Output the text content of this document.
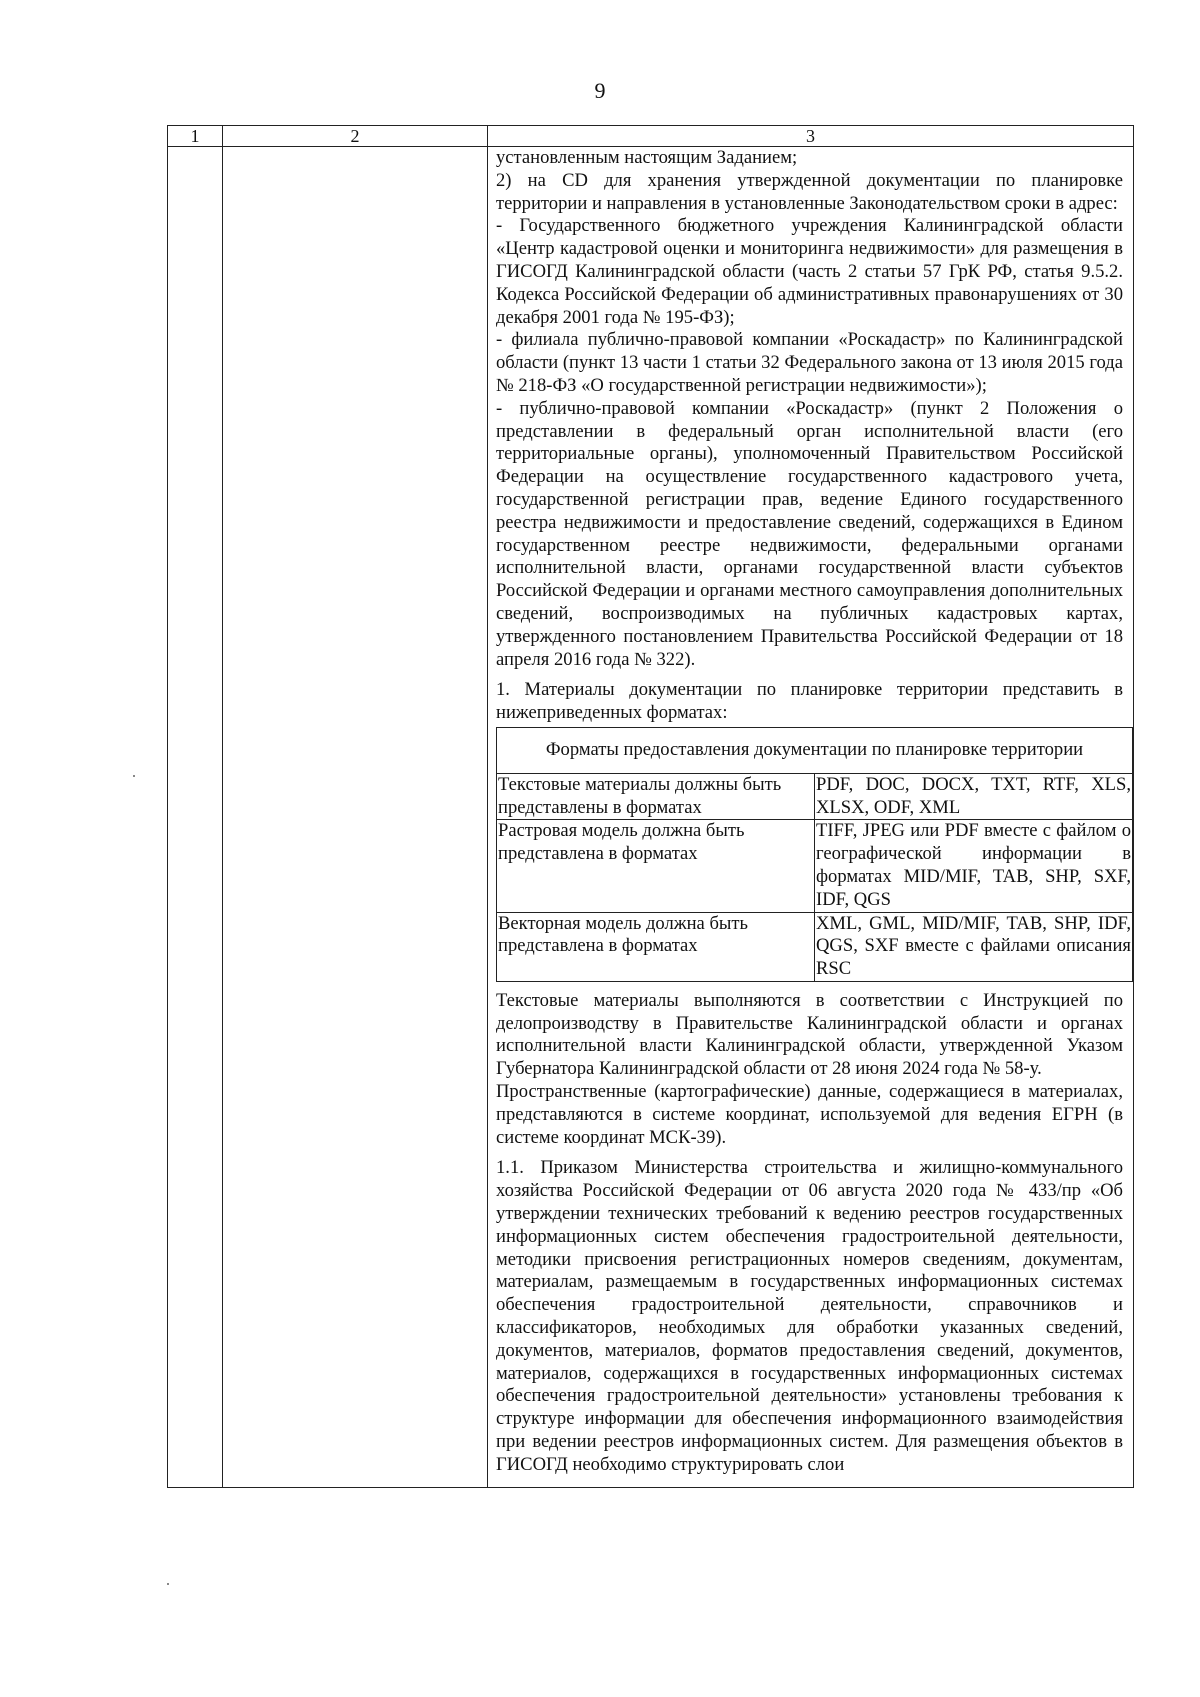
9
1	2	3

установленным настоящим Заданием;

2) на CD для хранения утвержденной документации по планировке территории и направления в установленные Законодательством сроки в адрес:

- Государственного бюджетного учреждения Калининградской области «Центр кадастровой оценки и мониторинга недвижимости» для размещения в ГИСОГД Калининградской области (часть 2 статьи 57 ГрК РФ, статья 9.5.2. Кодекса Российской Федерации об административных правонарушениях от 30 декабря 2001 года № 195-ФЗ);

- филиала публично-правовой компании «Роскадастр» по Калининградской области (пункт 13 части 1 статьи 32 Федерального закона от 13 июля 2015 года № 218-ФЗ «О государственной регистрации недвижимости»);

- публично-правовой компании «Роскадастр» (пункт 2 Положения о представлении в федеральный орган исполнительной власти (его территориальные органы), уполномоченный Правительством Российской Федерации на осуществление государственного кадастрового учета, государственной регистрации прав, ведение Единого государственного реестра недвижимости и предоставление сведений, содержащихся в Едином государственном реестре недвижимости, федеральными органами исполнительной власти, органами государственной власти субъектов Российской Федерации и органами местного самоуправления дополнительных сведений, воспроизводимых на публичных кадастровых картах, утвержденного постановлением Правительства Российской Федерации от 18 апреля 2016 года № 322).

1. Материалы документации по планировке территории представить в нижеприведенных форматах:

Форматы предоставления документации по планировке территории
Текстовые материалы должны быть представлены в форматах	PDF, DOC, DOCX, TXT, RTF, XLS, XLSX, ODF, XML
Растровая модель должна быть представлена в форматах	TIFF, JPEG или PDF вместе с файлом о географической информации в форматах MID/MIF, TAB, SHP, SXF, IDF, QGS
Векторная модель должна быть представлена в форматах	XML, GML, MID/MIF, TAB, SHP, IDF, QGS, SXF вместе с файлами описания RSC

Текстовые материалы выполняются в соответствии с Инструкцией по делопроизводству в Правительстве Калининградской области и органах исполнительной власти Калининградской области, утвержденной Указом Губернатора Калининградской области от 28 июня 2024 года № 58-у.

Пространственные (картографические) данные, содержащиеся в материалах, представляются в системе координат, используемой для ведения ЕГРН (в системе координат МСК-39).

1.1. Приказом Министерства строительства и жилищно-коммунального хозяйства Российской Федерации от 06 августа 2020 года № 433/пр «Об утверждении технических требований к ведению реестров государственных информационных систем обеспечения градостроительной деятельности, методики присвоения регистрационных номеров сведениям, документам, материалам, размещаемым в государственных информационных системах обеспечения градостроительной деятельности, справочников и классификаторов, необходимых для обработки указанных сведений, документов, материалов, форматов предоставления сведений, документов, материалов, содержащихся в государственных информационных системах обеспечения градостроительной деятельности» установлены требования к структуре информации для обеспечения информационного взаимодействия при ведении реестров информационных систем. Для размещения объектов в ГИСОГД необходимо структурировать слои
